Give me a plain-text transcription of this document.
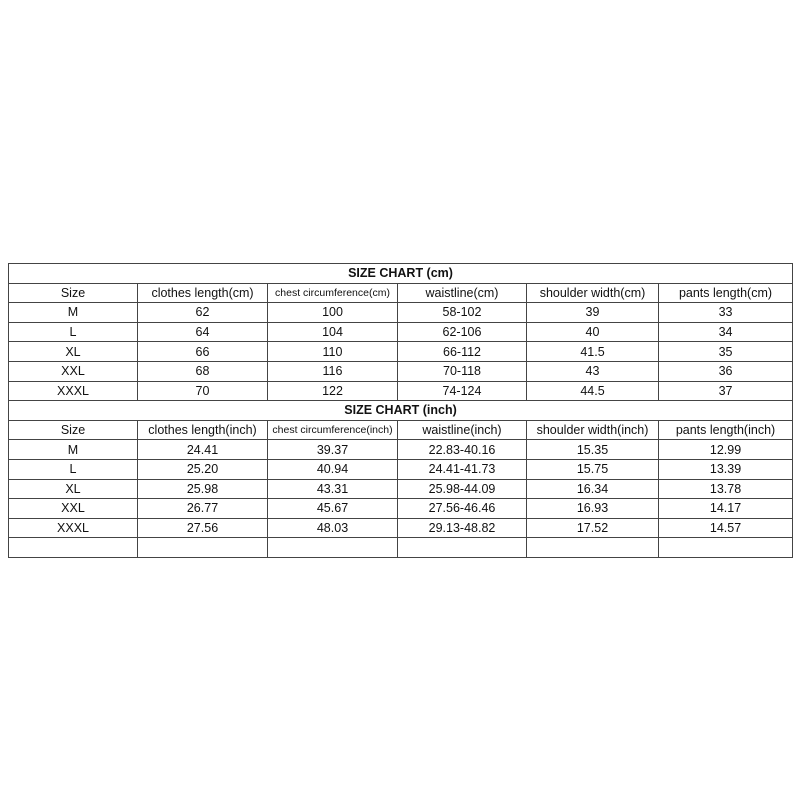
SIZE CHART (cm)					
Size	clothes length(cm)	chest circumference(cm)	waistline(cm)	shoulder width(cm)	pants length(cm)
M	62	100	58-102	39	33
L	64	104	62-106	40	34
XL	66	110	66-112	41.5	35
XXL	68	116	70-118	43	36
XXXL	70	122	74-124	44.5	37
SIZE CHART (inch)					
Size	clothes length(inch)	chest circumference(inch)	waistline(inch)	shoulder width(inch)	pants length(inch)
M	24.41	39.37	22.83-40.16	15.35	12.99
L	25.20	40.94	24.41-41.73	15.75	13.39
XL	25.98	43.31	25.98-44.09	16.34	13.78
XXL	26.77	45.67	27.56-46.46	16.93	14.17
XXXL	27.56	48.03	29.13-48.82	17.52	14.57
